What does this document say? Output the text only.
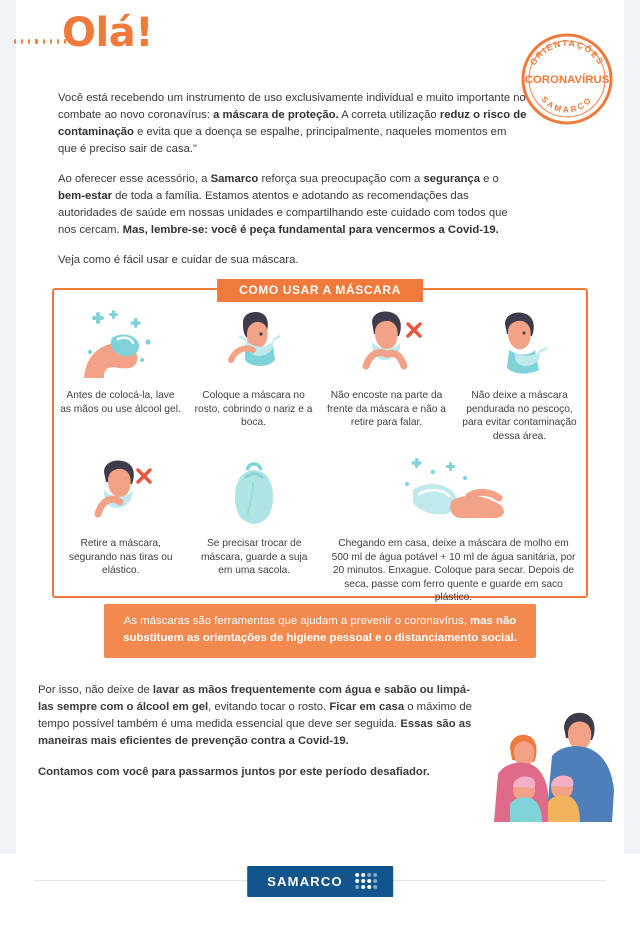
Olá!
ORIENTAÇÕES
CORONAVÍRUS
SAMARCO

Você está recebendo um instrumento de uso exclusivamente individual e muito importante no combate ao novo coronavírus: a máscara de proteção. A correta utilização reduz o risco de contaminação e evita que a doença se espalhe, principalmente, naqueles momentos em que é preciso sair de casa."

Ao oferecer esse acessório, a Samarco reforça sua preocupação com a segurança e o bem-estar de toda a família. Estamos atentos e adotando as recomendações das autoridades de saúde em nossas unidades e compartilhando este cuidado com todos que nos cercam. Mas, lembre-se: você é peça fundamental para vencermos a Covid-19.

Veja como é fácil usar e cuidar de sua máscara.

COMO USAR A MÁSCARA
Antes de colocá-la, lave as mãos ou use álcool gel.
Coloque a máscara no rosto, cobrindo o nariz e a boca.
Não encoste na parte da frente da máscara e não a retire para falar.
Não deixe a máscara pendurada no pescoço, para evitar contaminação dessa área.
Retire a máscara, segurando nas tiras ou elástico.
Se precisar trocar de máscara, guarde a suja em uma sacola.
Chegando em casa, deixe a máscara de molho em 500 ml de água potável + 10 ml de água sanitária, por 20 minutos. Enxague. Coloque para secar. Depois de seca, passe com ferro quente e guarde em saco plástico.
As máscaras são ferramentas que ajudam a prevenir o coronavírus, mas não substituem as orientações de higiene pessoal e o distanciamento social.

Por isso, não deixe de lavar as mãos frequentemente com água e sabão ou limpá-las sempre com o álcool em gel, evitando tocar o rosto. Ficar em casa o máximo de tempo possível também é uma medida essencial que deve ser seguida. Essas são as maneiras mais eficientes de prevenção contra a Covid-19.

Contamos com você para passarmos juntos por este período desafiador.

SAMARCO
